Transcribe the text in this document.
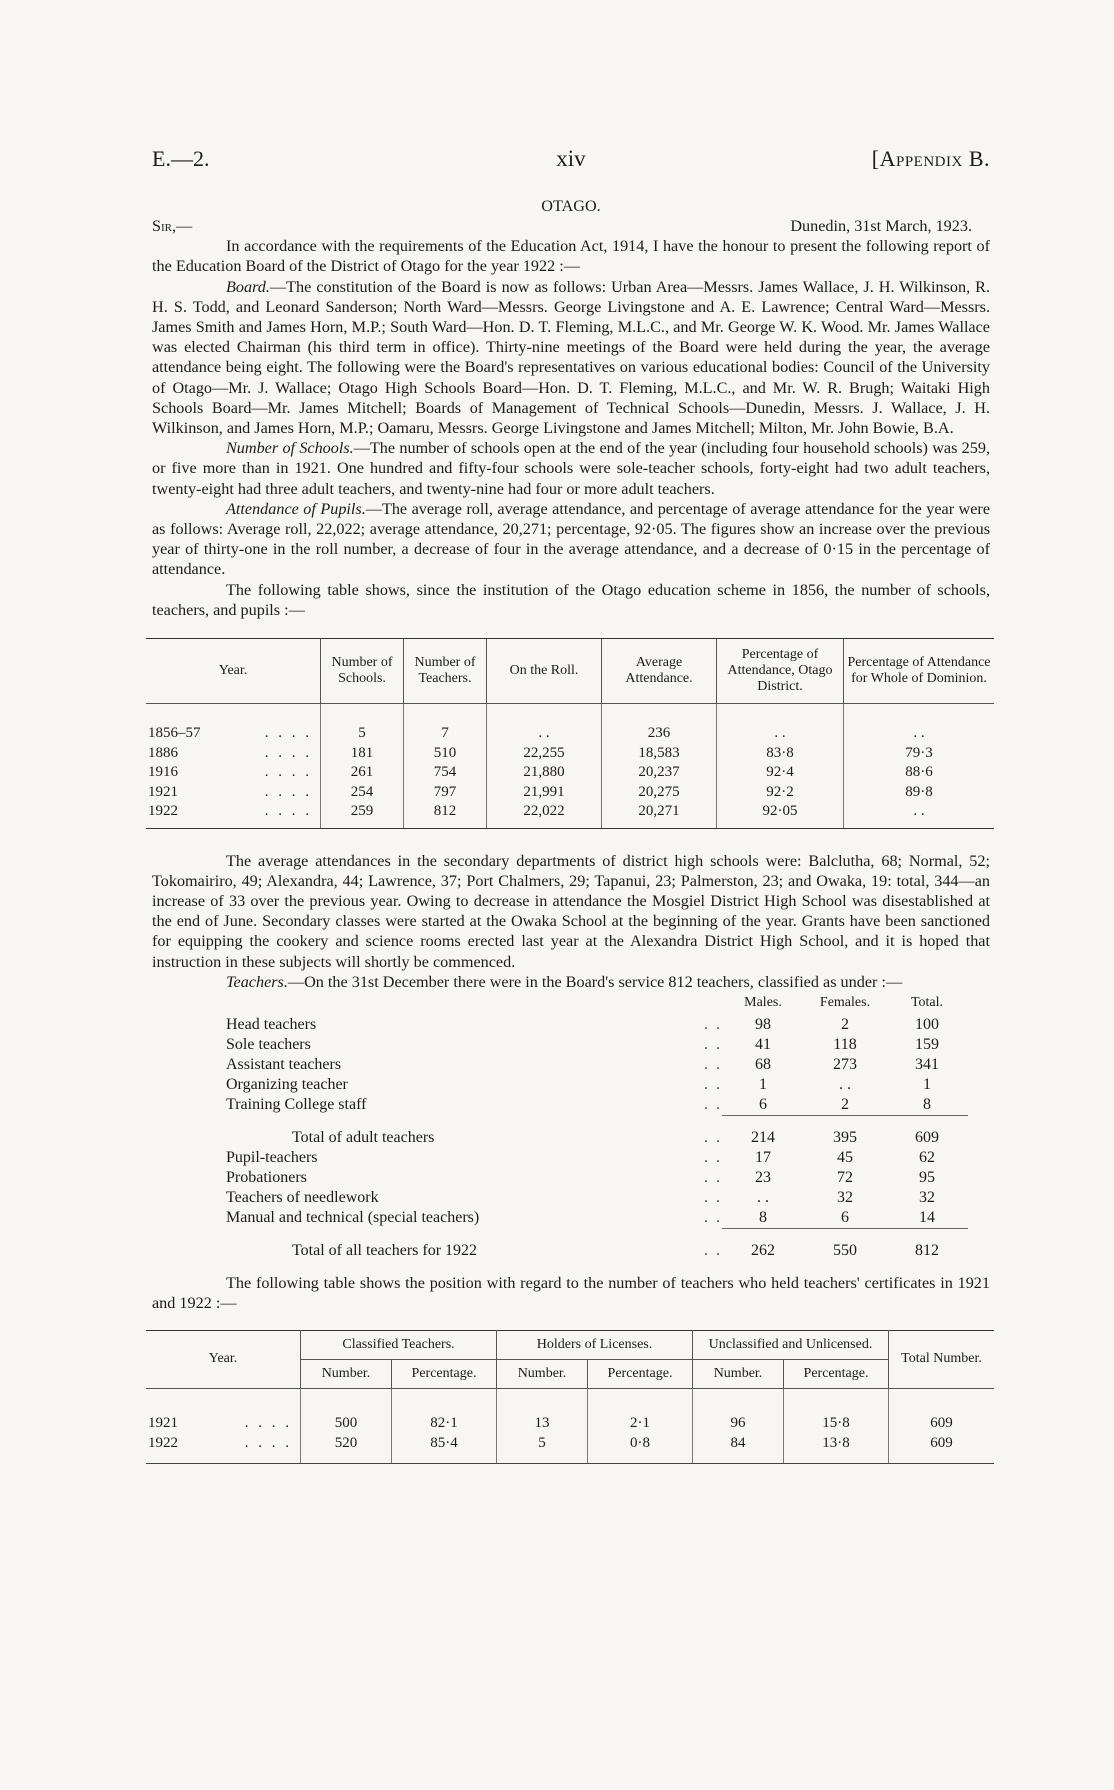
E.—2.	xiv	[Appendix B.

OTAGO.

Sir,—	Dunedin, 31st March, 1923.

In accordance with the requirements of the Education Act, 1914, I have the honour to present the following report of the Education Board of the District of Otago for the year 1922 :—

Board.—The constitution of the Board is now as follows: Urban Area—Messrs. James Wallace, J. H. Wilkinson, R. H. S. Todd, and Leonard Sanderson; North Ward—Messrs. George Livingstone and A. E. Lawrence; Central Ward—Messrs. James Smith and James Horn, M.P.; South Ward—Hon. D. T. Fleming, M.L.C., and Mr. George W. K. Wood. Mr. James Wallace was elected Chairman (his third term in office). Thirty-nine meetings of the Board were held during the year, the average attendance being eight. The following were the Board's representatives on various educational bodies: Council of the University of Otago—Mr. J. Wallace; Otago High Schools Board—Hon. D. T. Fleming, M.L.C., and Mr. W. R. Brugh; Waitaki High Schools Board—Mr. James Mitchell; Boards of Management of Technical Schools—Dunedin, Messrs. J. Wallace, J. H. Wilkinson, and James Horn, M.P.; Oamaru, Messrs. George Livingstone and James Mitchell; Milton, Mr. John Bowie, B.A.

Number of Schools.—The number of schools open at the end of the year (including four household schools) was 259, or five more than in 1921. One hundred and fifty-four schools were sole-teacher schools, forty-eight had two adult teachers, twenty-eight had three adult teachers, and twenty-nine had four or more adult teachers.

Attendance of Pupils.—The average roll, average attendance, and percentage of average attendance for the year were as follows: Average roll, 22,022; average attendance, 20,271; percentage, 92·05. The figures show an increase over the previous year of thirty-one in the roll number, a decrease of four in the average attendance, and a decrease of 0·15 in the percentage of attendance.

The following table shows, since the institution of the Otago education scheme in 1856, the number of schools, teachers, and pupils :—

Year.	Number of Schools.	Number of Teachers.	On the Roll.	Average Attendance.	Percentage of Attendance, Otago District.	Percentage of Attendance for Whole of Dominion.

1856–57 . . . .	5	7	. .	236	. .	. .

1886 . . . .	181	510	22,255	18,583	83·8	79·3

1916 . . . .	261	754	21,880	20,237	92·4	88·6

1921 . . . .	254	797	21,991	20,275	92·2	89·8

1922 . . . .	259	812	22,022	20,271	92·05	. .

The average attendances in the secondary departments of district high schools were: Balclutha, 68; Normal, 52; Tokomairiro, 49; Alexandra, 44; Lawrence, 37; Port Chalmers, 29; Tapanui, 23; Palmerston, 23; and Owaka, 19: total, 344—an increase of 33 over the previous year. Owing to decrease in attendance the Mosgiel District High School was disestablished at the end of June. Secondary classes were started at the Owaka School at the beginning of the year. Grants have been sanctioned for equipping the cookery and science rooms erected last year at the Alexandra District High School, and it is hoped that instruction in these subjects will shortly be commenced.

Teachers.—On the 31st December there were in the Board's service 812 teachers, classified as under :—

		Males.	Females.	Total.
Head teachers	. .	98	2	100
Sole teachers	. .	41	118	159
Assistant teachers	. .	68	273	341
Organizing teacher	. .	1	. .	1
Training College staff	. .	6	2	8

Total of adult teachers	. .	214	395	609
Pupil-teachers	. .	17	45	62
Probationers	. .	23	72	95
Teachers of needlework	. .	. .	32	32
Manual and technical (special teachers)	. .	8	6	14

Total of all teachers for 1922	. .	262	550	812

The following table shows the position with regard to the number of teachers who held teachers' certificates in 1921 and 1922 :—

Year.	Classified Teachers.		Holders of Licenses.		Unclassified and Unlicensed.		Total Number.
	Number.	Percentage.	Number.	Percentage.	Number.	Percentage.	

1921 . . . .	500	82·1	13	2·1	96	15·8	609

1922 . . . .	520	85·4	5	0·8	84	13·8	609
